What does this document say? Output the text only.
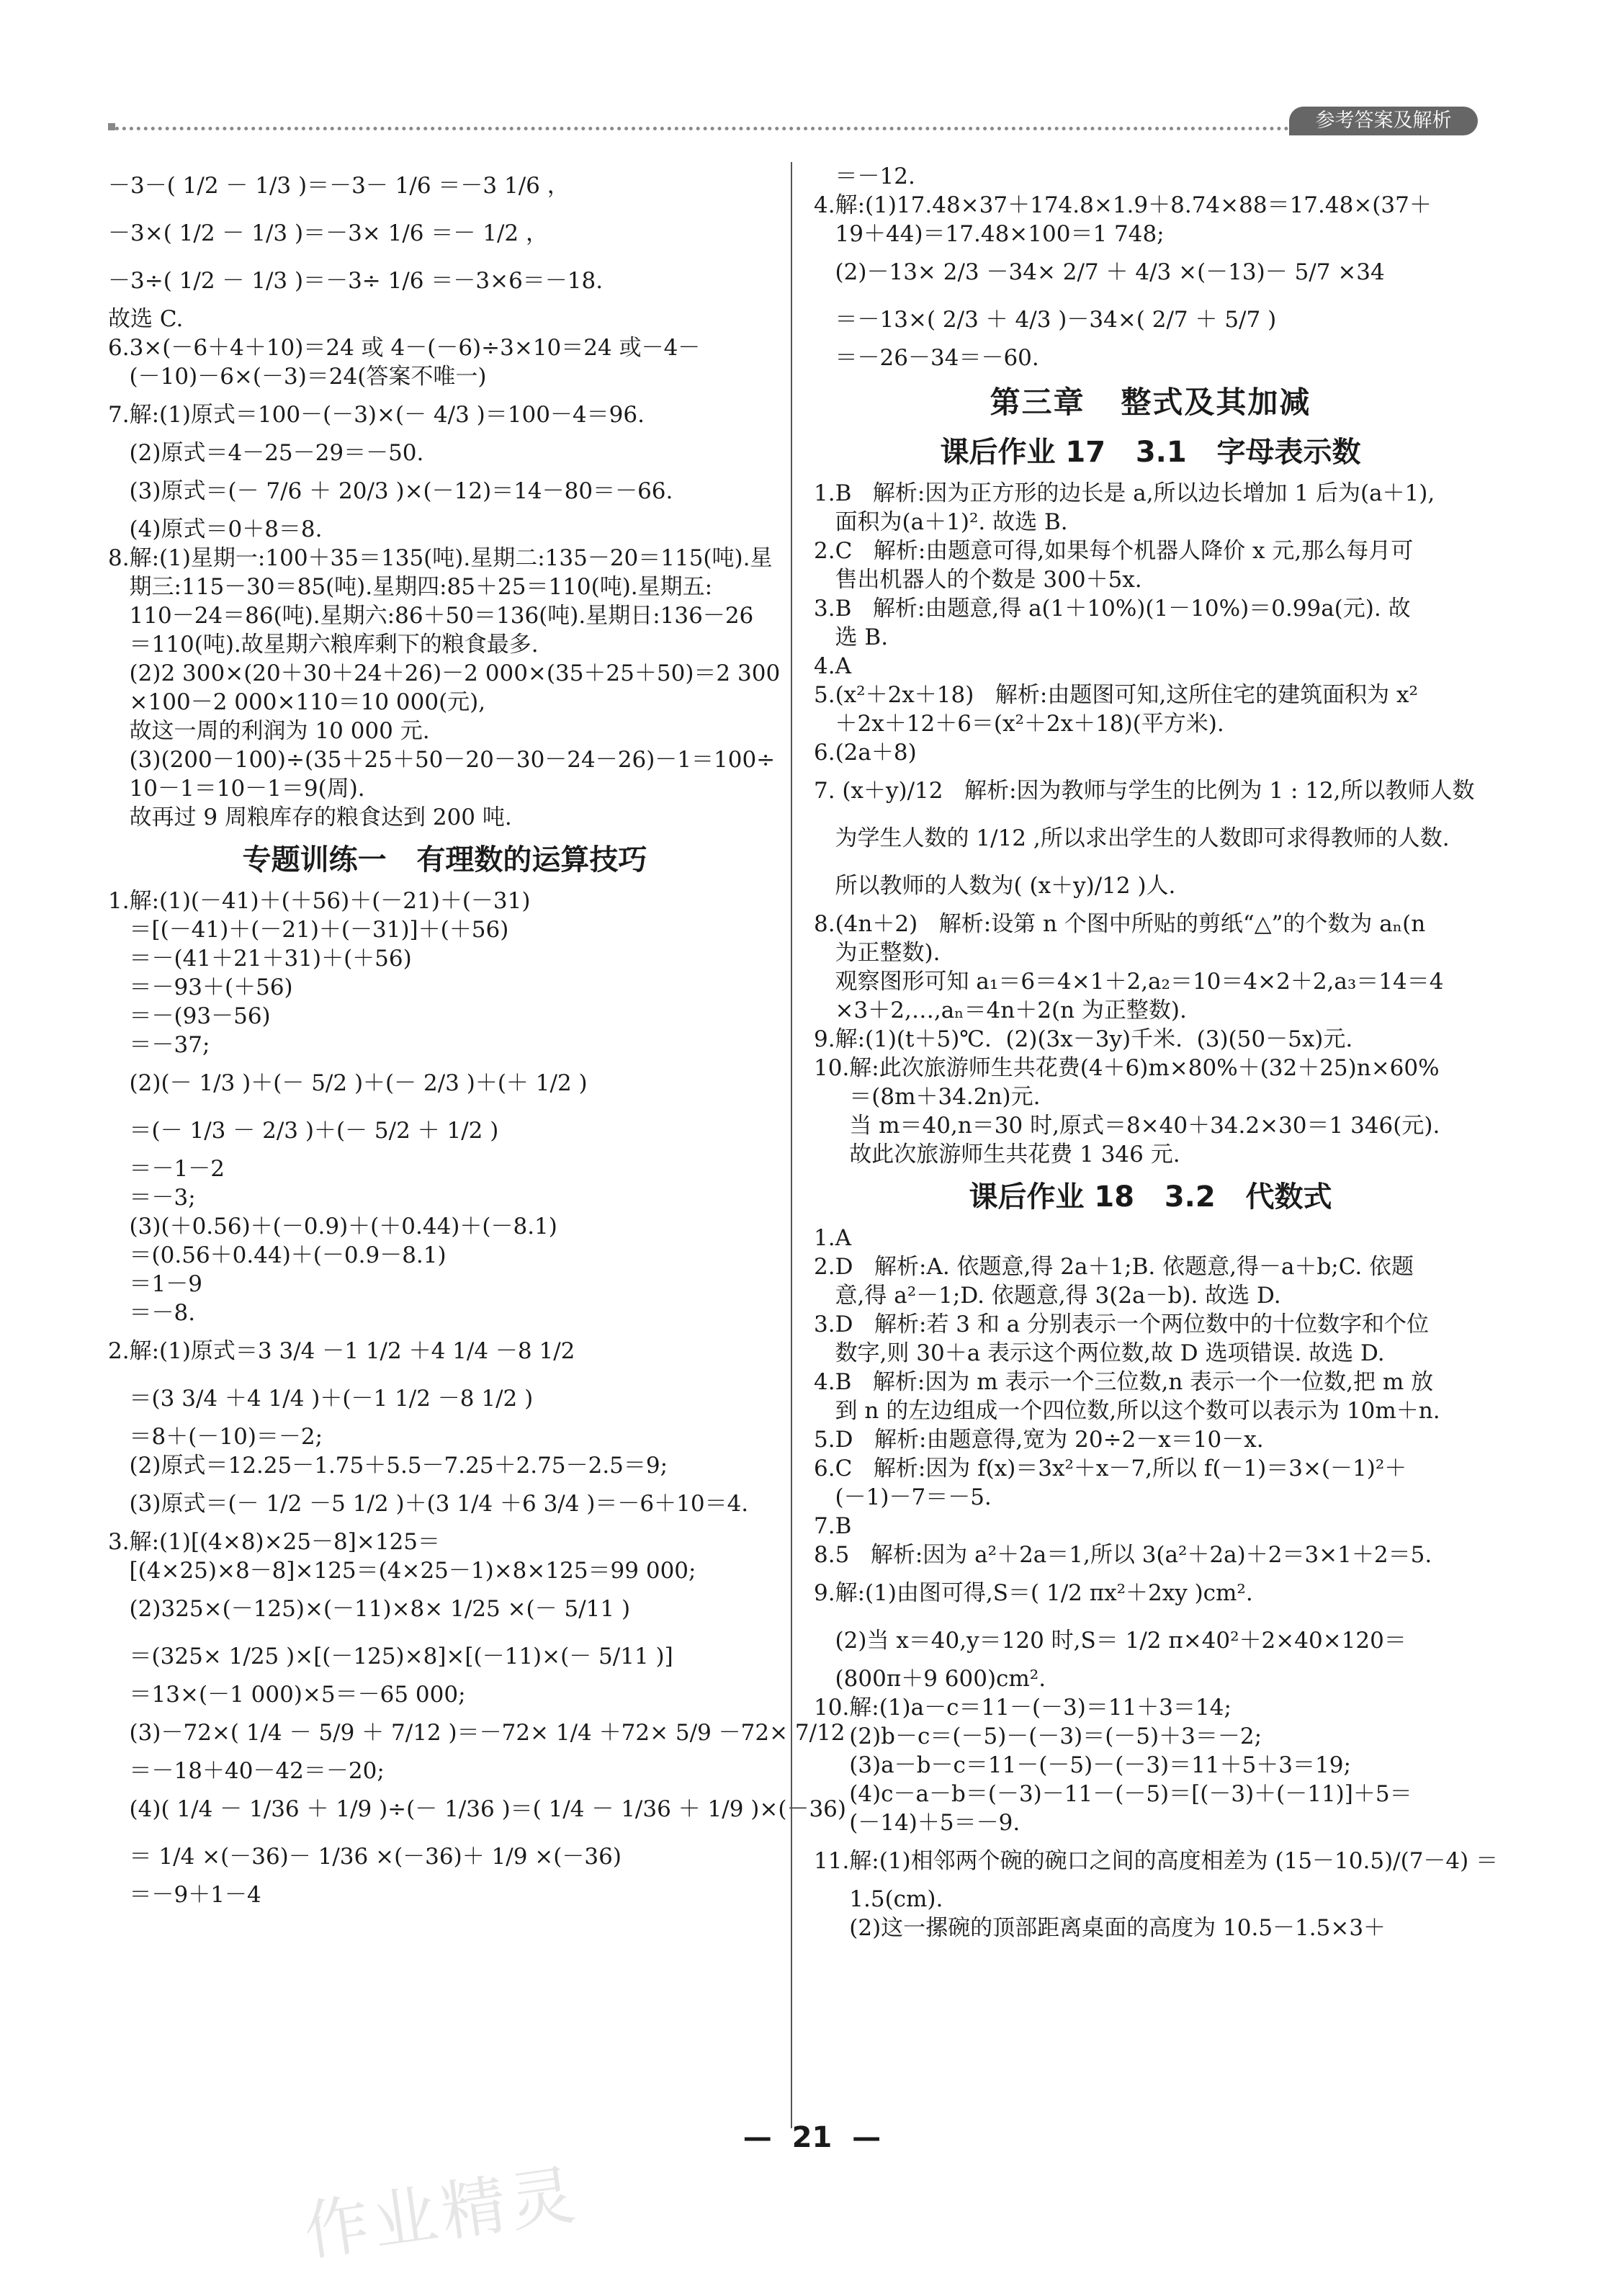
参考答案及解析
－3－( 1/2 － 1/3 )＝－3－ 1/6 ＝－3 1/6 ，
－3×( 1/2 － 1/3 )＝－3× 1/6 ＝－ 1/2 ，
－3÷( 1/2 － 1/3 )＝－3÷ 1/6 ＝－3×6＝－18.
故选 C.
6.3×(－6＋4＋10)＝24 或 4－(－6)÷3×10＝24 或－4－
(－10)－6×(－3)＝24(答案不唯一)
7.解:(1)原式＝100－(－3)×(－ 4/3 )＝100－4＝96.
(2)原式＝4－25－29＝－50.
(3)原式＝(－ 7/6 ＋ 20/3 )×(－12)＝14－80＝－66.
(4)原式＝0＋8＝8.
8.解:(1)星期一:100＋35＝135(吨).星期二:135－20＝115(吨).星
期三:115－30＝85(吨).星期四:85＋25＝110(吨).星期五:
110－24＝86(吨).星期六:86＋50＝136(吨).星期日:136－26
＝110(吨).故星期六粮库剩下的粮食最多.
(2)2 300×(20＋30＋24＋26)－2 000×(35＋25＋50)＝2 300
×100－2 000×110＝10 000(元),
故这一周的利润为 10 000 元.
(3)(200－100)÷(35＋25＋50－20－30－24－26)－1＝100÷
10－1＝10－1＝9(周).
故再过 9 周粮库存的粮食达到 200 吨.
专题训练一   有理数的运算技巧
1.解:(1)(－41)＋(＋56)＋(－21)＋(－31)
＝[(－41)＋(－21)＋(－31)]＋(＋56)
＝－(41＋21＋31)＋(＋56)
＝－93＋(＋56)
＝－(93－56)
＝－37;
(2)(－ 1/3 )＋(－ 5/2 )＋(－ 2/3 )＋(＋ 1/2 )
＝(－ 1/3 － 2/3 )＋(－ 5/2 ＋ 1/2 )
＝－1－2
＝－3;
(3)(＋0.56)＋(－0.9)＋(＋0.44)＋(－8.1)
＝(0.56＋0.44)＋(－0.9－8.1)
＝1－9
＝－8.
2.解:(1)原式＝3 3/4 －1 1/2 ＋4 1/4 －8 1/2
＝(3 3/4 ＋4 1/4 )＋(－1 1/2 －8 1/2 )
＝8＋(－10)＝－2;
(2)原式＝12.25－1.75＋5.5－7.25＋2.75－2.5＝9;
(3)原式＝(－ 1/2 －5 1/2 )＋(3 1/4 ＋6 3/4 )＝－6＋10＝4.
3.解:(1)[(4×8)×25－8]×125＝
[(4×25)×8－8]×125＝(4×25－1)×8×125＝99 000;
(2)325×(－125)×(－11)×8× 1/25 ×(－ 5/11 )
＝(325× 1/25 )×[(－125)×8]×[(－11)×(－ 5/11 )]
＝13×(－1 000)×5＝－65 000;
(3)－72×( 1/4 － 5/9 ＋ 7/12 )＝－72× 1/4 ＋72× 5/9 －72× 7/12
＝－18＋40－42＝－20;
(4)( 1/4 － 1/36 ＋ 1/9 )÷(－ 1/36 )＝( 1/4 － 1/36 ＋ 1/9 )×(－36)
＝ 1/4 ×(－36)－ 1/36 ×(－36)＋ 1/9 ×(－36)
＝－9＋1－4
＝－12.
4.解:(1)17.48×37＋174.8×1.9＋8.74×88＝17.48×(37＋
19＋44)＝17.48×100＝1 748;
(2)－13× 2/3 －34× 2/7 ＋ 4/3 ×(－13)－ 5/7 ×34
＝－13×( 2/3 ＋ 4/3 )－34×( 2/7 ＋ 5/7 )
＝－26－34＝－60.
第三章   整式及其加减
课后作业 17   3.1   字母表示数
1.B   解析:因为正方形的边长是 a,所以边长增加 1 后为(a＋1),
面积为(a＋1)². 故选 B.
2.C   解析:由题意可得,如果每个机器人降价 x 元,那么每月可
售出机器人的个数是 300＋5x.
3.B   解析:由题意,得 a(1＋10%)(1－10%)＝0.99a(元). 故
选 B.
4.A
5.(x²＋2x＋18)   解析:由题图可知,这所住宅的建筑面积为 x²
＋2x＋12＋6＝(x²＋2x＋18)(平方米).
6.(2a＋8)
7. (x＋y)/12   解析:因为教师与学生的比例为 1 : 12,所以教师人数
为学生人数的 1/12 ,所以求出学生的人数即可求得教师的人数.
所以教师的人数为( (x＋y)/12 )人.
8.(4n＋2)   解析:设第 n 个图中所贴的剪纸“△”的个数为 aₙ(n
为正整数).
观察图形可知 a₁＝6＝4×1＋2,a₂＝10＝4×2＋2,a₃＝14＝4
×3＋2,…,aₙ＝4n＋2(n 为正整数).
9.解:(1)(t＋5)℃.  (2)(3x－3y)千米.  (3)(50－5x)元.
10.解:此次旅游师生共花费(4＋6)m×80%＋(32＋25)n×60%
＝(8m＋34.2n)元.
当 m＝40,n＝30 时,原式＝8×40＋34.2×30＝1 346(元).
故此次旅游师生共花费 1 346 元.
课后作业 18   3.2   代数式
1.A
2.D   解析:A. 依题意,得 2a＋1;B. 依题意,得－a＋b;C. 依题
意,得 a²－1;D. 依题意,得 3(2a－b). 故选 D.
3.D   解析:若 3 和 a 分别表示一个两位数中的十位数字和个位
数字,则 30＋a 表示这个两位数,故 D 选项错误. 故选 D.
4.B   解析:因为 m 表示一个三位数,n 表示一个一位数,把 m 放
到 n 的左边组成一个四位数,所以这个数可以表示为 10m＋n.
5.D   解析:由题意得,宽为 20÷2－x＝10－x.
6.C   解析:因为 f(x)＝3x²＋x－7,所以 f(－1)＝3×(－1)²＋
(－1)－7＝－5.
7.B
8.5   解析:因为 a²＋2a＝1,所以 3(a²＋2a)＋2＝3×1＋2＝5.
9.解:(1)由图可得,S＝( 1/2 πx²＋2xy )cm².
(2)当 x＝40,y＝120 时,S＝ 1/2 π×40²＋2×40×120＝
(800π＋9 600)cm².
10.解:(1)a－c＝11－(－3)＝11＋3＝14;
(2)b－c＝(－5)－(－3)＝(－5)＋3＝－2;
(3)a－b－c＝11－(－5)－(－3)＝11＋5＋3＝19;
(4)c－a－b＝(－3)－11－(－5)＝[(－3)＋(－11)]＋5＝
(－14)＋5＝－9.
11.解:(1)相邻两个碗的碗口之间的高度相差为 (15－10.5)/(7－4) ＝
1.5(cm).
(2)这一摞碗的顶部距离桌面的高度为 10.5－1.5×3＋
—  21  —
作业精灵
